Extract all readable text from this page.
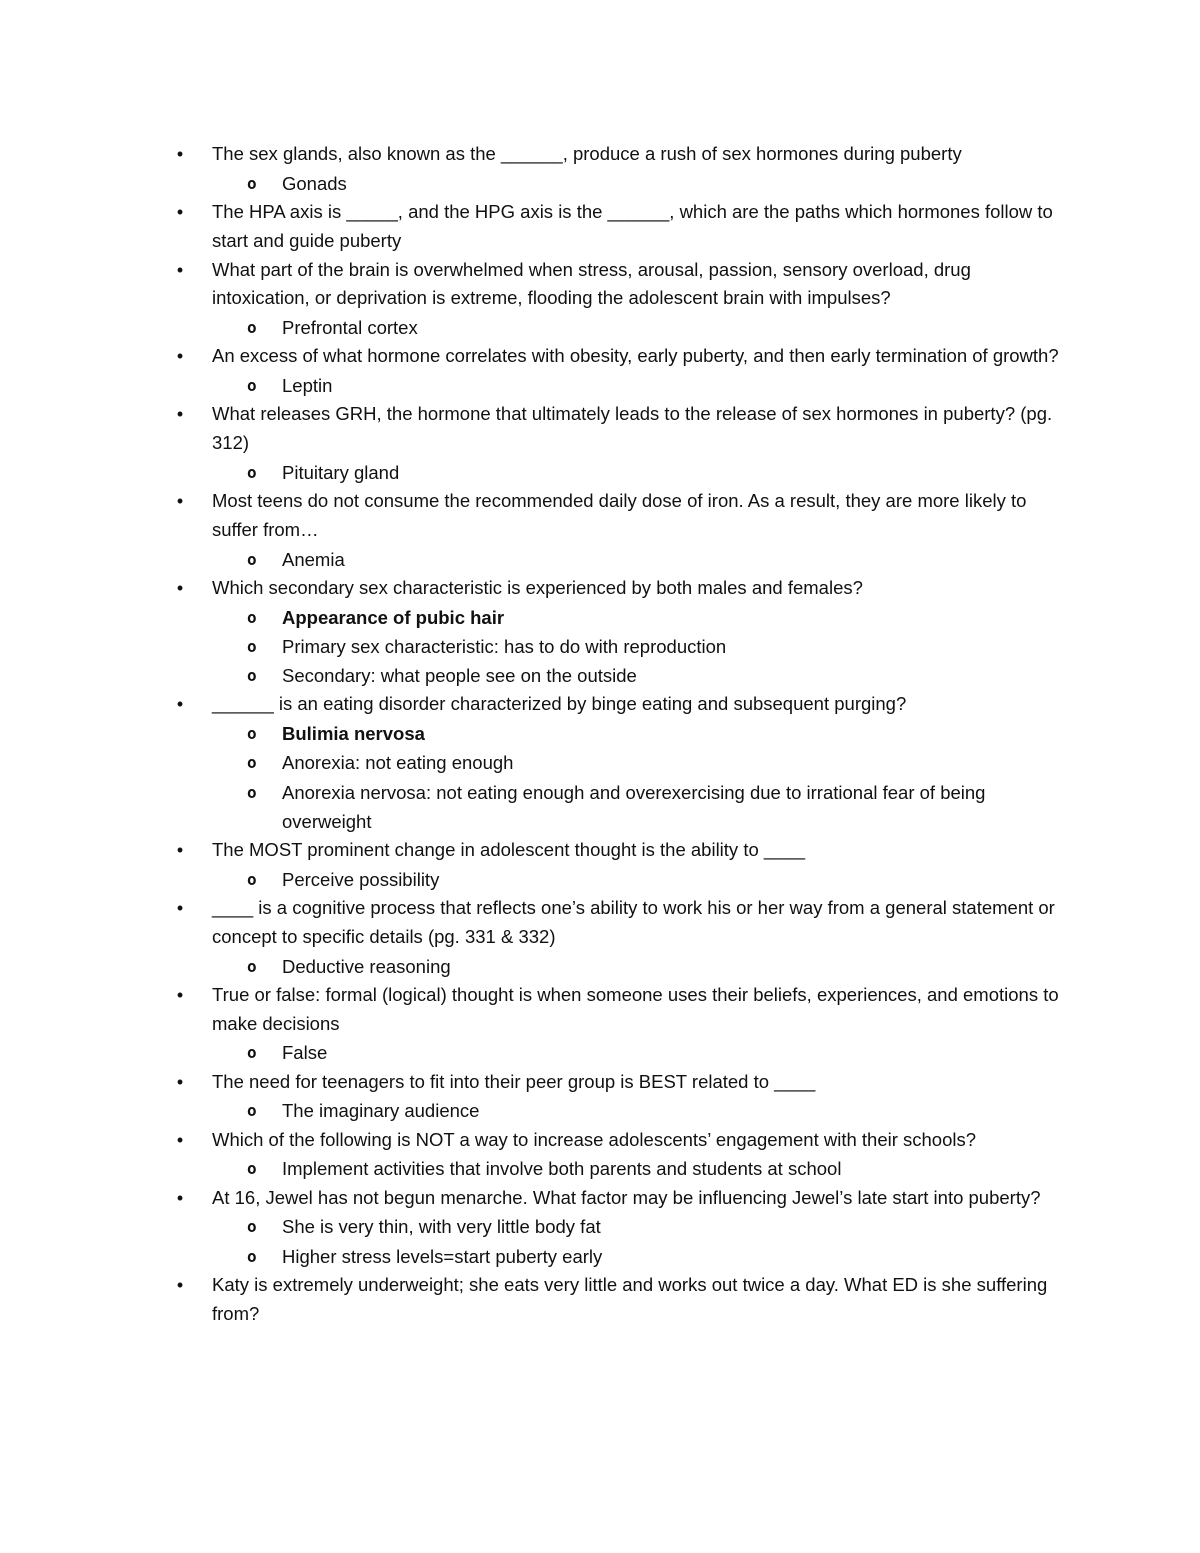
• The sex glands, also known as the ______, produce a rush of sex hormones during puberty
o Gonads
• The HPA axis is _____, and the HPG axis is the ______, which are the paths which hormones follow to start and guide puberty
• What part of the brain is overwhelmed when stress, arousal, passion, sensory overload, drug intoxication, or deprivation is extreme, flooding the adolescent brain with impulses?
o Prefrontal cortex
• An excess of what hormone correlates with obesity, early puberty, and then early termination of growth?
o Leptin
• What releases GRH, the hormone that ultimately leads to the release of sex hormones in puberty? (pg. 312)
o Pituitary gland
• Most teens do not consume the recommended daily dose of iron. As a result, they are more likely to suffer from…
o Anemia
• Which secondary sex characteristic is experienced by both males and females?
o Appearance of pubic hair
o Primary sex characteristic: has to do with reproduction
o Secondary: what people see on the outside
• ______ is an eating disorder characterized by binge eating and subsequent purging?
o Bulimia nervosa
o Anorexia: not eating enough
o Anorexia nervosa: not eating enough and overexercising due to irrational fear of being overweight
• The MOST prominent change in adolescent thought is the ability to ____
o Perceive possibility
• ____ is a cognitive process that reflects one’s ability to work his or her way from a general statement or concept to specific details (pg. 331 & 332)
o Deductive reasoning
• True or false: formal (logical) thought is when someone uses their beliefs, experiences, and emotions to make decisions
o False
• The need for teenagers to fit into their peer group is BEST related to ____
o The imaginary audience
• Which of the following is NOT a way to increase adolescents’ engagement with their schools?
o Implement activities that involve both parents and students at school
• At 16, Jewel has not begun menarche. What factor may be influencing Jewel’s late start into puberty?
o She is very thin, with very little body fat
o Higher stress levels=start puberty early
• Katy is extremely underweight; she eats very little and works out twice a day. What ED is she suffering from?
